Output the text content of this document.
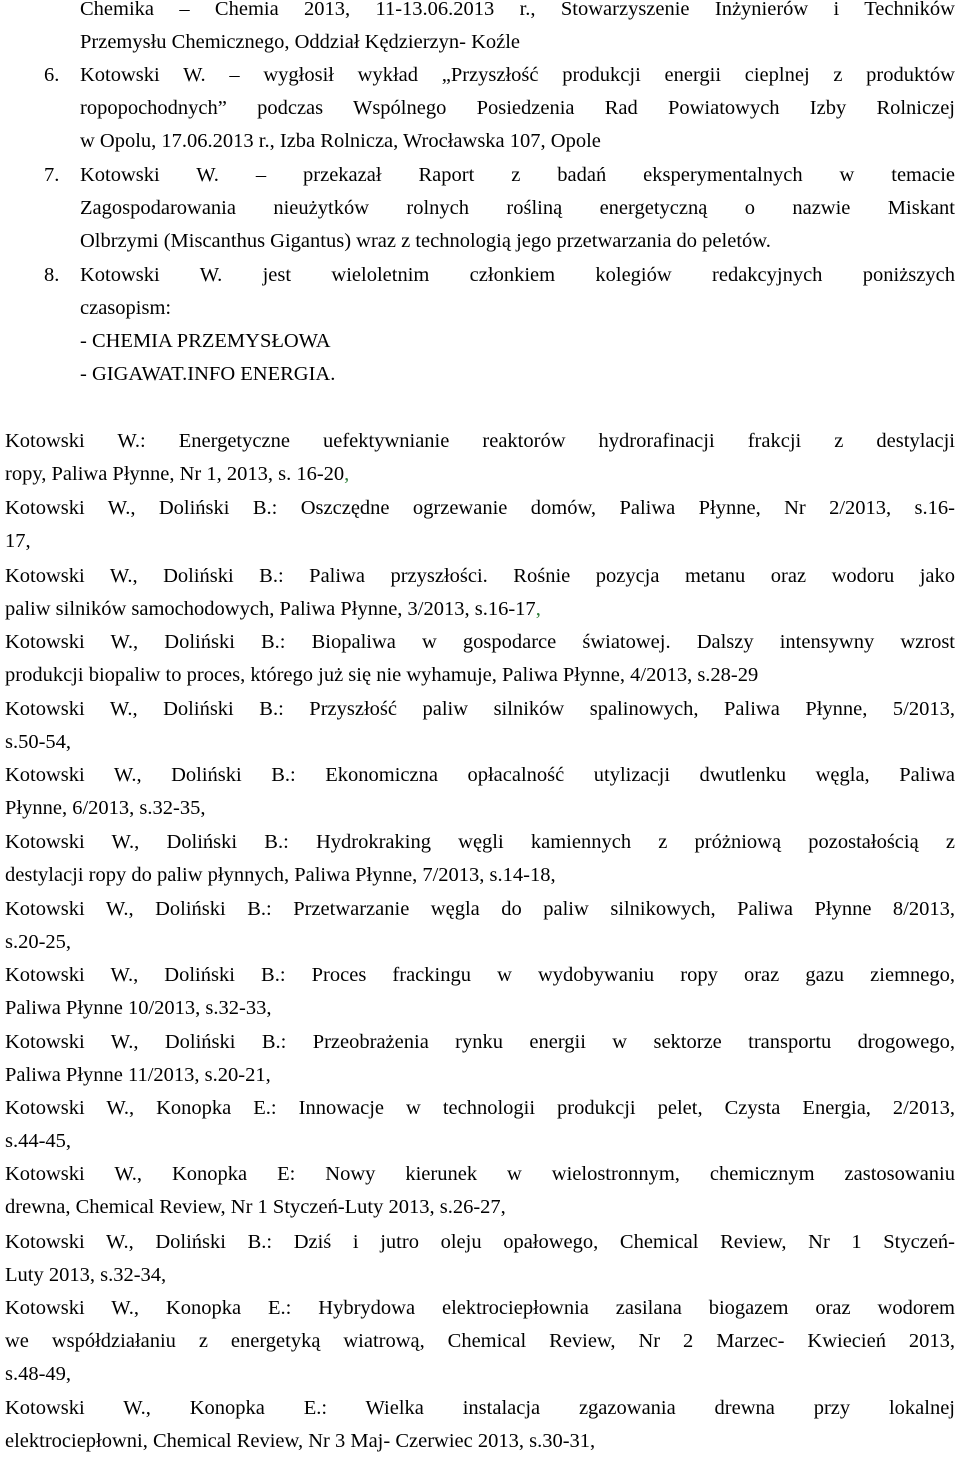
Chemika – Chemia 2013, 11-13.06.2013 r., Stowarzyszenie Inżynierów i Techników
Przemysłu Chemicznego, Oddział Kędzierzyn- Koźle
6. Kotowski W. – wygłosił wykład „Przyszłość produkcji energii cieplnej z produktów
ropopochodnych” podczas Wspólnego Posiedzenia Rad Powiatowych Izby Rolniczej
w Opolu, 17.06.2013 r., Izba Rolnicza, Wrocławska 107, Opole
7. Kotowski W. – przekazał Raport z badań eksperymentalnych w temacie
Zagospodarowania nieużytków rolnych rośliną energetyczną o nazwie Miskant
Olbrzymi (Miscanthus Gigantus) wraz z technologią jego przetwarzania do peletów.
8. Kotowski W. jest wieloletnim członkiem kolegiów redakcyjnych poniższych
czasopism:
- CHEMIA PRZEMYSŁOWA
- GIGAWAT.INFO ENERGIA.
Kotowski W.: Energetyczne uefektywnianie reaktorów hydrorafinacji frakcji z destylacji
ropy, Paliwa Płynne, Nr 1, 2013, s. 16-20,
Kotowski W., Doliński B.: Oszczędne ogrzewanie domów, Paliwa Płynne, Nr 2/2013, s.16-
17,
Kotowski W., Doliński B.: Paliwa przyszłości. Rośnie pozycja metanu oraz wodoru jako
paliw silników samochodowych, Paliwa Płynne, 3/2013, s.16-17,
Kotowski W., Doliński B.: Biopaliwa w gospodarce światowej. Dalszy intensywny wzrost
produkcji biopaliw to proces, którego już się nie wyhamuje, Paliwa Płynne, 4/2013, s.28-29
Kotowski W., Doliński B.: Przyszłość paliw silników spalinowych, Paliwa Płynne, 5/2013,
s.50-54,
Kotowski W., Doliński B.: Ekonomiczna opłacalność utylizacji dwutlenku węgla, Paliwa
Płynne, 6/2013, s.32-35,
Kotowski W., Doliński B.: Hydrokraking węgli kamiennych z próżniową pozostałością z
destylacji ropy do paliw płynnych, Paliwa Płynne, 7/2013, s.14-18,
Kotowski W., Doliński B.: Przetwarzanie węgla do paliw silnikowych, Paliwa Płynne 8/2013,
s.20-25,
Kotowski W., Doliński B.: Proces frackingu w wydobywaniu ropy oraz gazu ziemnego,
Paliwa Płynne 10/2013, s.32-33,
Kotowski W., Doliński B.: Przeobrażenia rynku energii w sektorze transportu drogowego,
Paliwa Płynne 11/2013, s.20-21,
Kotowski W., Konopka E.: Innowacje w technologii produkcji pelet, Czysta Energia, 2/2013,
s.44-45,
Kotowski W., Konopka E: Nowy kierunek w wielostronnym, chemicznym zastosowaniu
drewna, Chemical Review, Nr 1 Styczeń-Luty 2013, s.26-27,
Kotowski W., Doliński B.: Dziś i jutro oleju opałowego, Chemical Review, Nr 1 Styczeń-
Luty 2013, s.32-34,
Kotowski W., Konopka E.: Hybrydowa elektrociepłownia zasilana biogazem oraz wodorem
we współdziałaniu z energetyką wiatrową, Chemical Review, Nr 2 Marzec- Kwiecień 2013,
s.48-49,
Kotowski W., Konopka E.: Wielka instalacja zgazowania drewna przy lokalnej
elektrociepłowni, Chemical Review, Nr 3 Maj- Czerwiec 2013, s.30-31,
